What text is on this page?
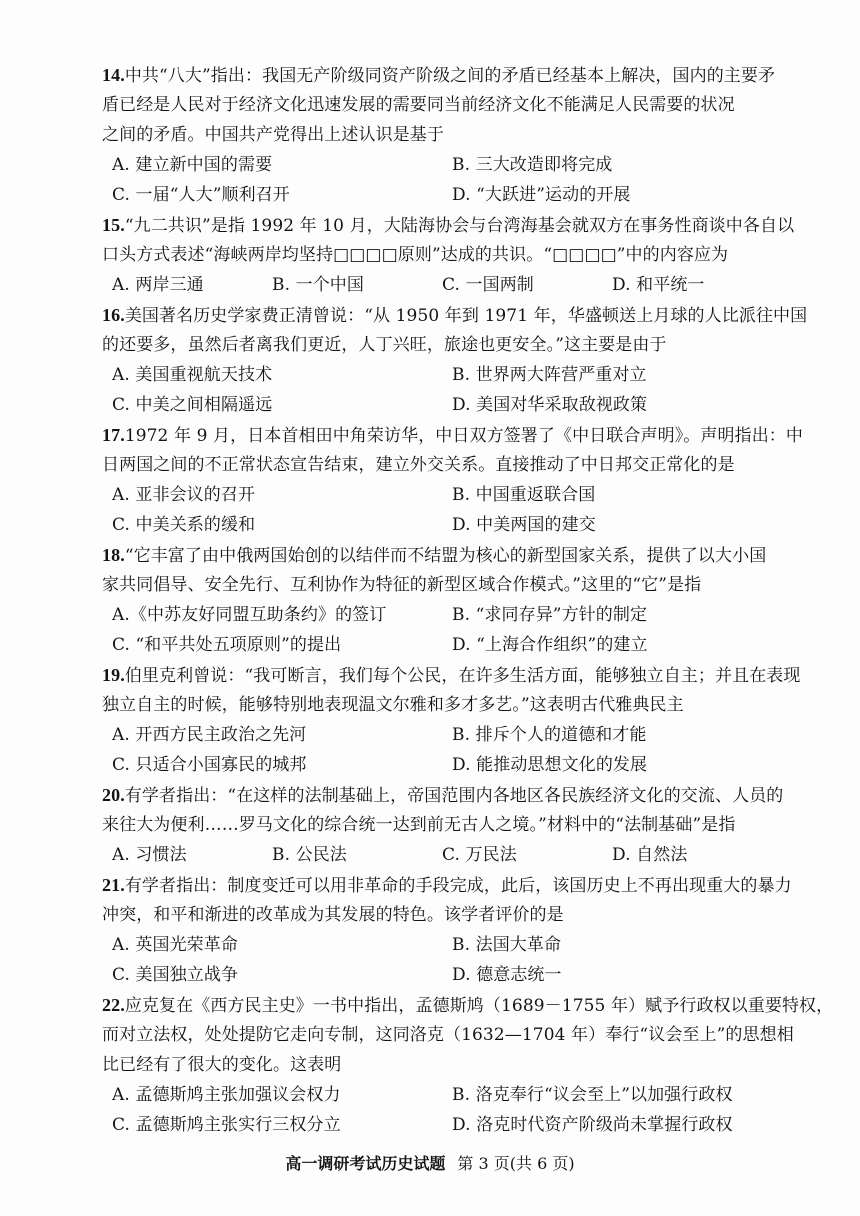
14.中共“八大”指出：我国无产阶级同资产阶级之间的矛盾已经基本上解决，国内的主要矛
盾已经是人民对于经济文化迅速发展的需要同当前经济文化不能满足人民需要的状况
之间的矛盾。中国共产党得出上述认识是基于
A. 建立新中国的需要	B. 三大改造即将完成
C. 一届“人大”顺利召开	D. “大跃进”运动的开展
15.“九二共识”是指 1992 年 10 月，大陆海协会与台湾海基会就双方在事务性商谈中各自以
口头方式表述“海峡两岸均坚持□□□□原则”达成的共识。“□□□□”中的内容应为
A. 两岸三通	B. 一个中国	C. 一国两制	D. 和平统一
16.美国著名历史学家费正清曾说：“从 1950 年到 1971 年，华盛顿送上月球的人比派往中国
的还要多，虽然后者离我们更近，人丁兴旺，旅途也更安全。”这主要是由于
A. 美国重视航天技术	B. 世界两大阵营严重对立
C. 中美之间相隔遥远	D. 美国对华采取敌视政策
17.1972 年 9 月，日本首相田中角荣访华，中日双方签署了《中日联合声明》。声明指出：中
日两国之间的不正常状态宣告结束，建立外交关系。直接推动了中日邦交正常化的是
A. 亚非会议的召开	B. 中国重返联合国
C. 中美关系的缓和	D. 中美两国的建交
18.“它丰富了由中俄两国始创的以结伴而不结盟为核心的新型国家关系，提供了以大小国
家共同倡导、安全先行、互利协作为特征的新型区域合作模式。”这里的“它”是指
A.《中苏友好同盟互助条约》的签订	B. “求同存异”方针的制定
C. “和平共处五项原则”的提出	D. “上海合作组织”的建立
19.伯里克利曾说：“我可断言，我们每个公民，在许多生活方面，能够独立自主；并且在表现
独立自主的时候，能够特别地表现温文尔雅和多才多艺。”这表明古代雅典民主
A. 开西方民主政治之先河	B. 排斥个人的道德和才能
C. 只适合小国寡民的城邦	D. 能推动思想文化的发展
20.有学者指出：“在这样的法制基础上，帝国范围内各地区各民族经济文化的交流、人员的
来往大为便利……罗马文化的综合统一达到前无古人之境。”材料中的“法制基础”是指
A. 习惯法	B. 公民法	C. 万民法	D. 自然法
21.有学者指出：制度变迁可以用非革命的手段完成，此后，该国历史上不再出现重大的暴力
冲突，和平和渐进的改革成为其发展的特色。该学者评价的是
A. 英国光荣革命	B. 法国大革命
C. 美国独立战争	D. 德意志统一
22.应克复在《西方民主史》一书中指出，孟德斯鸠（1689－1755 年）赋予行政权以重要特权，
而对立法权，处处提防它走向专制，这同洛克（1632—1704 年）奉行“议会至上”的思想相
比已经有了很大的变化。这表明
A. 孟德斯鸠主张加强议会权力	B. 洛克奉行“议会至上”以加强行政权
C. 孟德斯鸠主张实行三权分立	D. 洛克时代资产阶级尚未掌握行政权
高一调研考试历史试题 第 3 页(共 6 页)
